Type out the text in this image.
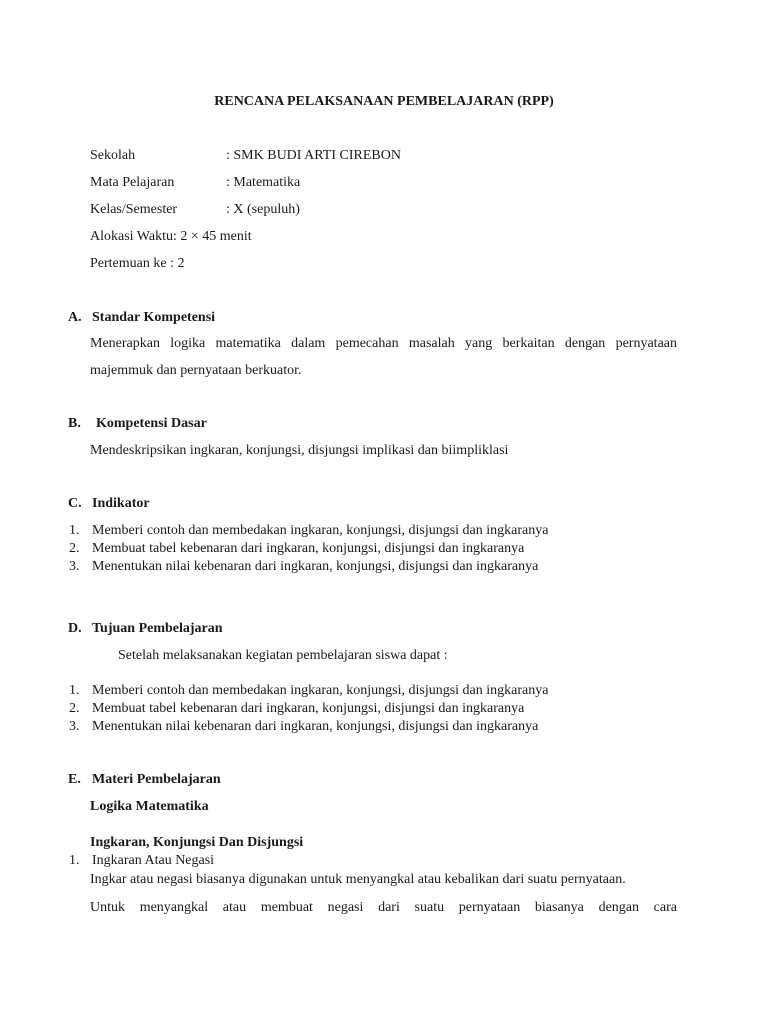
RENCANA PELAKSANAAN PEMBELAJARAN (RPP)
Sekolah	: SMK BUDI ARTI CIREBON
Mata Pelajaran	: Matematika
Kelas/Semester	: X (sepuluh)
Alokasi Waktu: 2 × 45 menit
Pertemuan ke : 2
A. Standar Kompetensi
Menerapkan logika matematika dalam pemecahan masalah yang berkaitan dengan pernyataan
majemmuk dan pernyataan berkuator.
B. Kompetensi Dasar
Mendeskripsikan ingkaran, konjungsi, disjungsi implikasi dan biimpliklasi
C. Indikator
1. Memberi contoh dan membedakan ingkaran, konjungsi, disjungsi dan ingkaranya
2. Membuat tabel kebenaran dari ingkaran, konjungsi, disjungsi dan ingkaranya
3. Menentukan nilai kebenaran dari ingkaran, konjungsi, disjungsi dan ingkaranya
D. Tujuan Pembelajaran
Setelah melaksanakan kegiatan pembelajaran siswa dapat :
1. Memberi contoh dan membedakan ingkaran, konjungsi, disjungsi dan ingkaranya
2. Membuat tabel kebenaran dari ingkaran, konjungsi, disjungsi dan ingkaranya
3. Menentukan nilai kebenaran dari ingkaran, konjungsi, disjungsi dan ingkaranya
E. Materi Pembelajaran
Logika Matematika
Ingkaran, Konjungsi Dan Disjungsi
1. Ingkaran Atau Negasi
Ingkar atau negasi biasanya digunakan untuk menyangkal atau kebalikan dari suatu pernyataan.
Untuk menyangkal atau membuat negasi dari suatu pernyataan biasanya dengan cara
